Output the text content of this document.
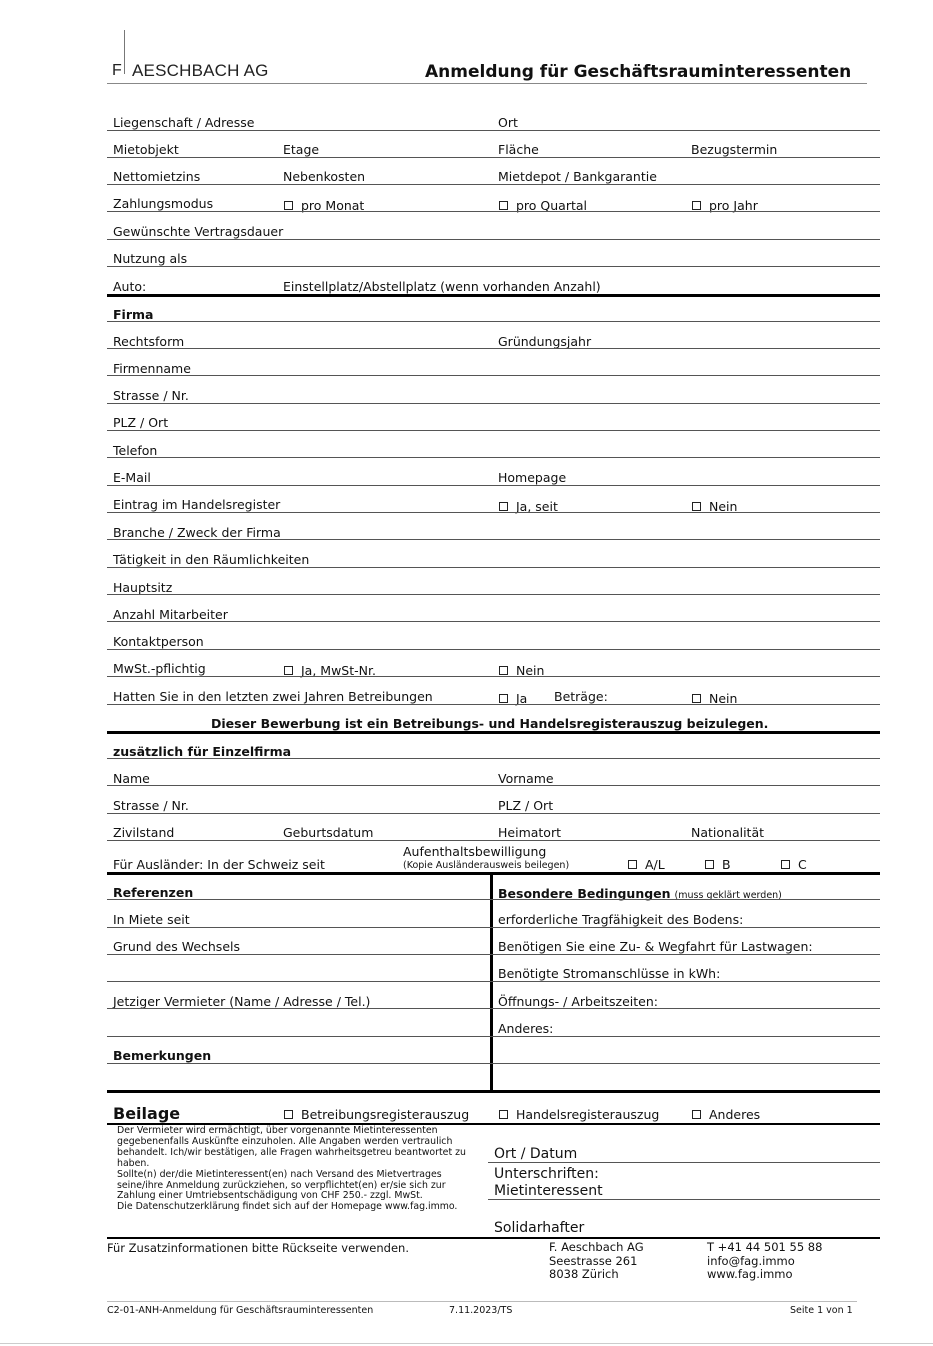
F AESCHBACH AG	Anmeldung für Geschäftsrauminteressenten
Liegenschaft / Adresse	Ort
Mietobjekt	Etage	Fläche	Bezugstermin
Nettomietzins	Nebenkosten	Mietdepot / Bankgarantie
Zahlungsmodus	pro Monat	pro Quartal	pro Jahr
Gewünschte Vertragsdauer
Nutzung als
Auto:	Einstellplatz/Abstellplatz (wenn vorhanden Anzahl)
Firma
Rechtsform	Gründungsjahr
Firmenname
Strasse / Nr.
PLZ / Ort
Telefon
E-Mail	Homepage
Eintrag im Handelsregister	Ja, seit	Nein
Branche / Zweck der Firma
Tätigkeit in den Räumlichkeiten
Hauptsitz
Anzahl Mitarbeiter
Kontaktperson
MwSt.-pflichtig	Ja, MwSt-Nr.	Nein
Hatten Sie in den letzten zwei Jahren Betreibungen	Ja Beträge:	Nein
Dieser Bewerbung ist ein Betreibungs- und Handelsregisterauszug beizulegen.
zusätzlich für Einzelfirma
Name	Vorname
Strasse / Nr.	PLZ / Ort
Zivilstand	Geburtsdatum	Heimatort	Nationalität
Für Ausländer: In der Schweiz seit
Aufenthaltsbewilligung
(Kopie Ausländerausweis beilegen)	A/L	B	C
Referenzen	Besondere Bedingungen (muss geklärt werden)
In Miete seit	erforderliche Tragfähigkeit des Bodens:
Grund des Wechsels	Benötigen Sie eine Zu- & Wegfahrt für Lastwagen:
Benötigte Stromanschlüsse in kWh:
Jetziger Vermieter (Name / Adresse / Tel.)	Öffnungs- / Arbeitszeiten:
Anderes:
Bemerkungen
Beilage	Betreibungsregisterauszug	Handelsregisterauszug	Anderes
Der Vermieter wird ermächtigt, über vorgenannte Mietinteressenten
gegebenenfalls Auskünfte einzuholen. Alle Angaben werden vertraulich
behandelt. Ich/wir bestätigen, alle Fragen wahrheitsgetreu beantwortet zu
haben.
Sollte(n) der/die Mietinteressent(en) nach Versand des Mietvertrages
seine/ihre Anmeldung zurückziehen, so verpflichtet(en) er/sie sich zur
Zahlung einer Umtriebsentschädigung von CHF 250.- zzgl. MwSt.
Die Datenschutzerklärung findet sich auf der Homepage www.fag.immo.
Ort / Datum
Unterschriften:
Mietinteressent
Solidarhafter
Für Zusatzinformationen bitte Rückseite verwenden.	F. Aeschbach AG
Seestrasse 261
8038 Zürich
T +41 44 501 55 88
info@fag.immo
www.fag.immo
C2-01-ANH-Anmeldung für Geschäftsrauminteressenten	7.11.2023/TS	Seite 1 von 1
